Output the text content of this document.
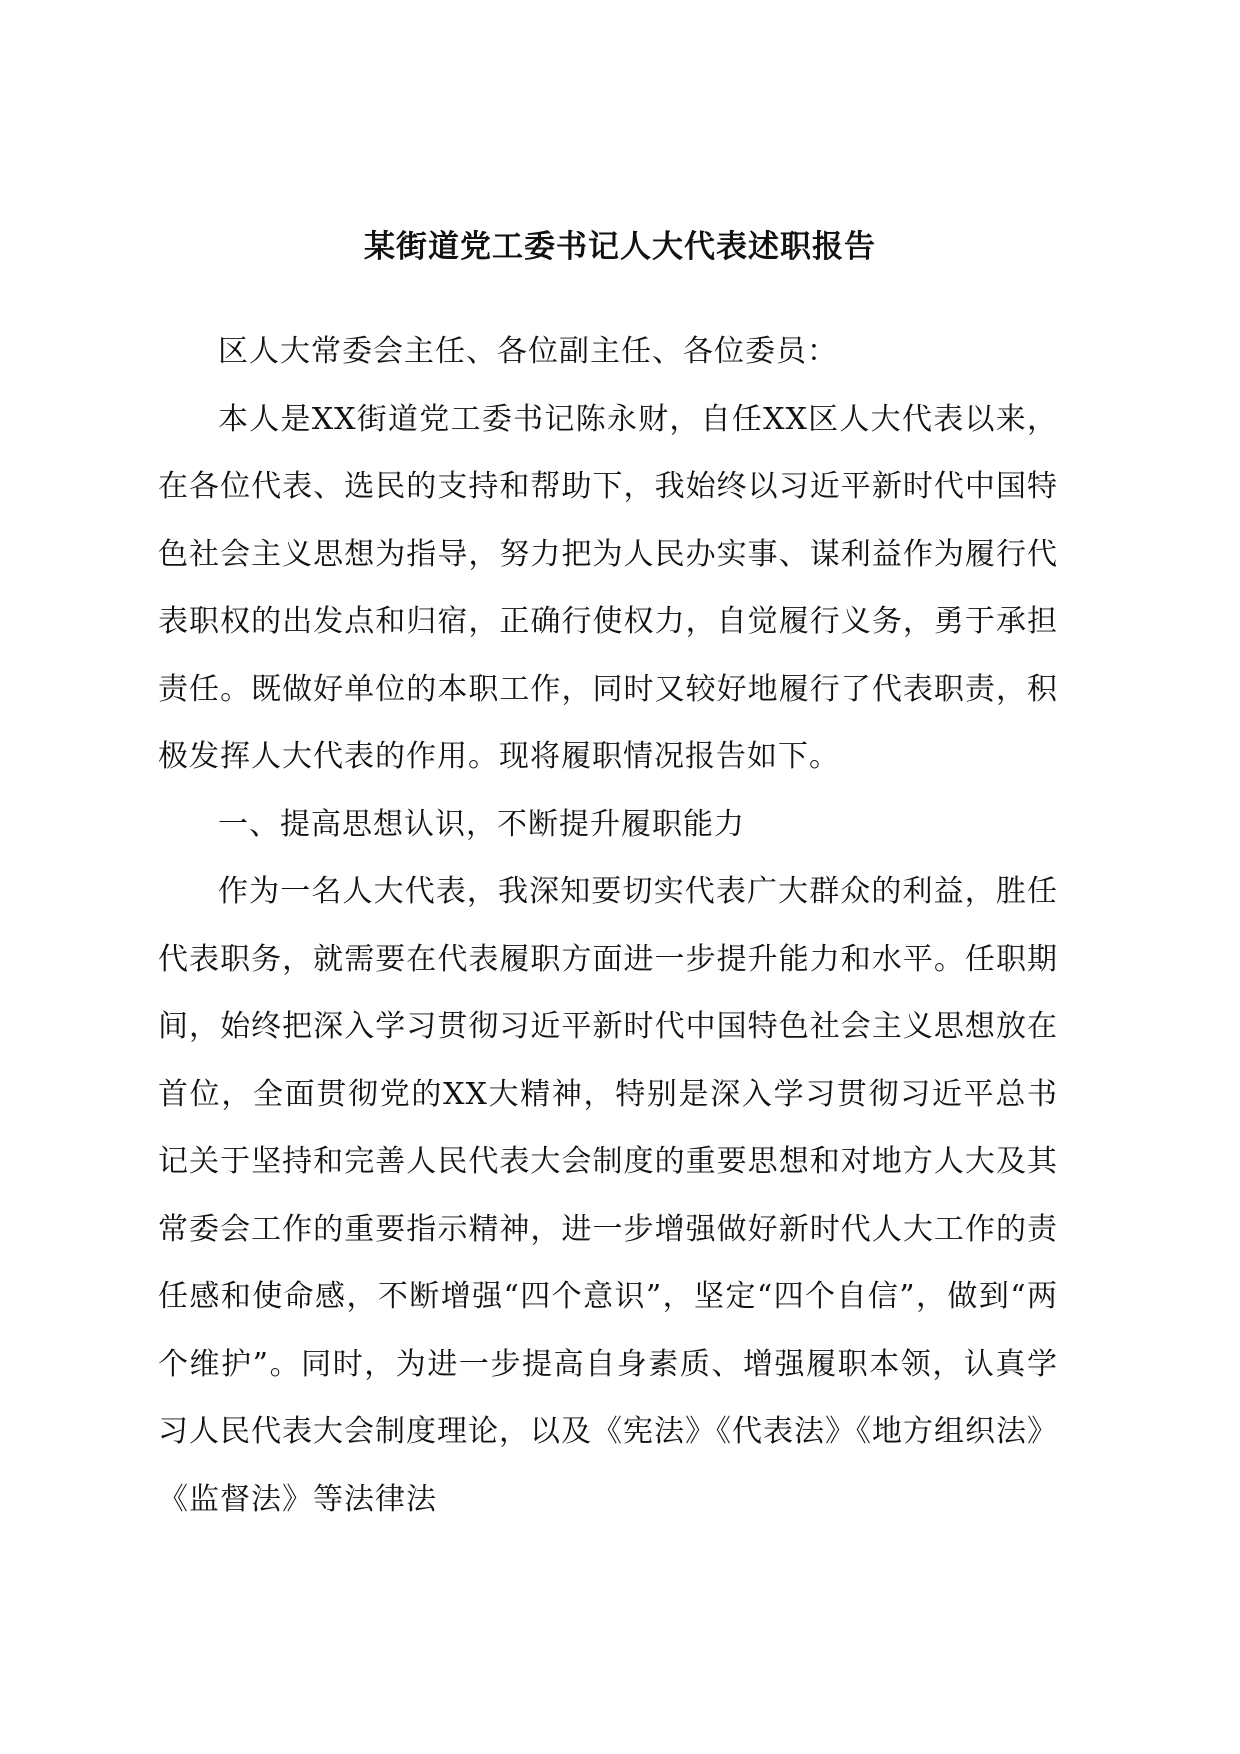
某街道党工委书记人大代表述职报告

区人大常委会主任、各位副主任、各位委员：

本人是XX街道党工委书记陈永财，自任XX区人大代表以来，在各位代表、选民的支持和帮助下，我始终以习近平新时代中国特色社会主义思想为指导，努力把为人民办实事、谋利益作为履行代表职权的出发点和归宿，正确行使权力，自觉履行义务，勇于承担责任。既做好单位的本职工作，同时又较好地履行了代表职责，积极发挥人大代表的作用。现将履职情况报告如下。

一、提高思想认识，不断提升履职能力

作为一名人大代表，我深知要切实代表广大群众的利益，胜任代表职务，就需要在代表履职方面进一步提升能力和水平。任职期间，始终把深入学习贯彻习近平新时代中国特色社会主义思想放在首位，全面贯彻党的XX大精神，特别是深入学习贯彻习近平总书记关于坚持和完善人民代表大会制度的重要思想和对地方人大及其常委会工作的重要指示精神，进一步增强做好新时代人大工作的责任感和使命感，不断增强“四个意识”，坚定“四个自信”，做到“两个维护”。同时，为进一步提高自身素质、增强履职本领，认真学习人民代表大会制度理论，以及《宪法》《代表法》《地方组织法》《监督法》等法律法
